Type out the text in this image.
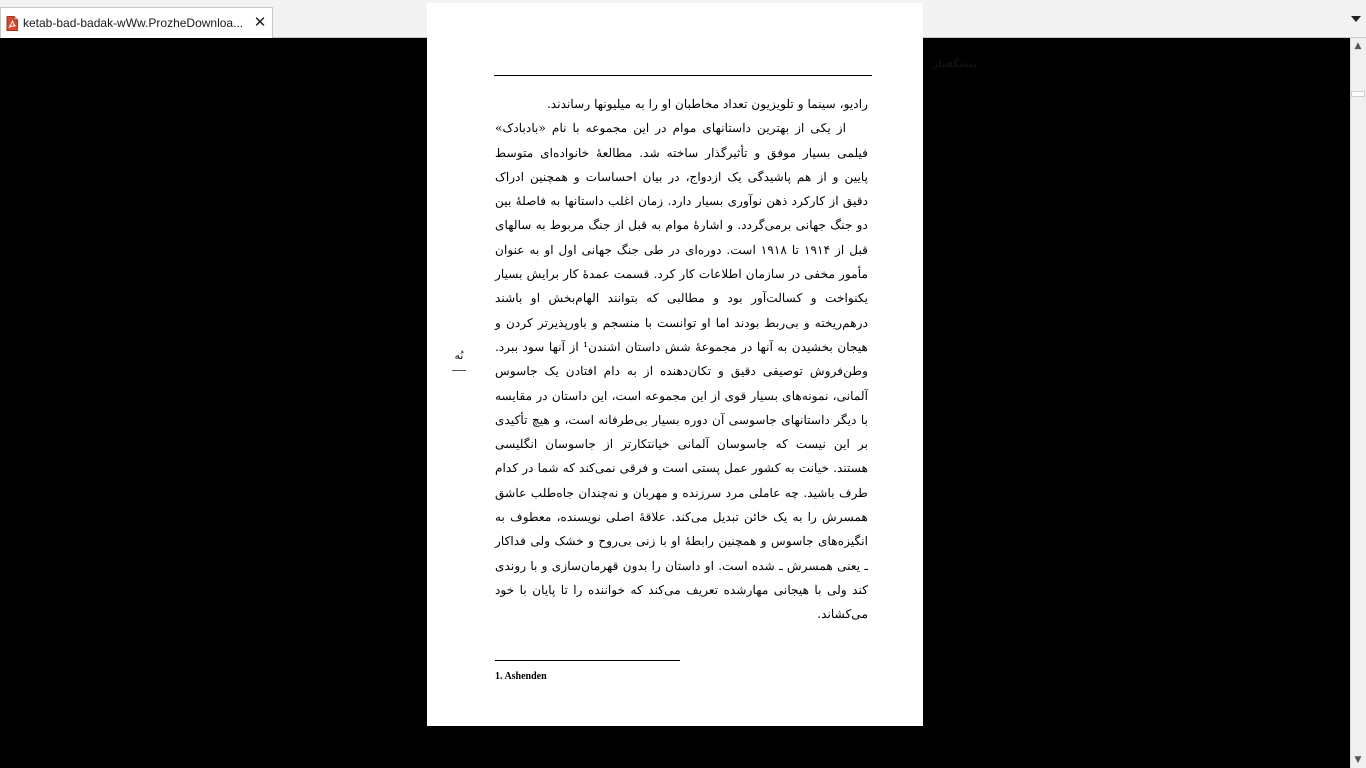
ketab-bad-badak-wWw.ProzheDownloa... ✕
پیشگفتار
نُه

رادیو، سینما و تلویزیون تعداد مخاطبان او را به میلیونها رساندند.

از یکی از بهترین داستانهای موام در این مجموعه با نام «بادبادک» فیلمی بسیار موفق و تأثیرگذار ساخته شد. مطالعهٔ خانواده‌ای متوسط پایین و از هم پاشیدگی یک ازدواج، در بیان احساسات و همچنین ادراک دقیق از کارکرد ذهن نوآوری بسیار دارد. زمان اغلب داستانها به فاصلهٔ بین دو جنگ جهانی برمی‌گردد. و اشارهٔ موام به قبل از جنگ مربوط به سالهای قبل از ۱۹۱۴ تا ۱۹۱۸ است. دوره‌ای در طی جنگ جهانی اول او به عنوان مأمور مخفی در سازمان اطلاعات کار کرد. قسمت عمدهٔ کار برایش بسیار یکنواخت و کسالت‌آور بود و مطالبی که بتوانند الهام‌بخش او باشند درهم‌ریخته و بی‌ربط بودند اما او توانست با منسجم و باورپذیرتر کردن و هیجان بخشیدن به آنها در مجموعهٔ شش داستان اشندن¹ از آنها سود ببرد. وطن‌فروش توصیفی دقیق و تکان‌دهنده از به دام افتادن یک جاسوس آلمانی، نمونه‌های بسیار قوی از این مجموعه است، این داستان در مقایسه با دیگر داستانهای جاسوسی آن دوره بسیار بی‌طرفانه است، و هیچ تأکیدی بر این نیست که جاسوسان آلمانی خیانتکارتر از جاسوسان انگلیسی هستند. خیانت به کشور عمل پستی است و فرقی نمی‌کند که شما در کدام طرف باشید. چه عاملی مرد سرزنده و مهربان و نه‌چندان جاه‌طلب عاشق همسرش را به یک خائن تبدیل می‌کند. علاقهٔ اصلی نویسنده، معطوف به انگیزه‌های جاسوس و همچنین رابطهٔ او با زنی بی‌روح و خشک ولی فداکار ـ یعنی همسرش ـ شده است. او داستان را بدون قهرمان‌سازی و با روندی کند ولی با هیجانی مهارشده تعریف می‌کند که خواننده را تا پایان با خود می‌کشاند.

1. Ashenden
▲
▼
